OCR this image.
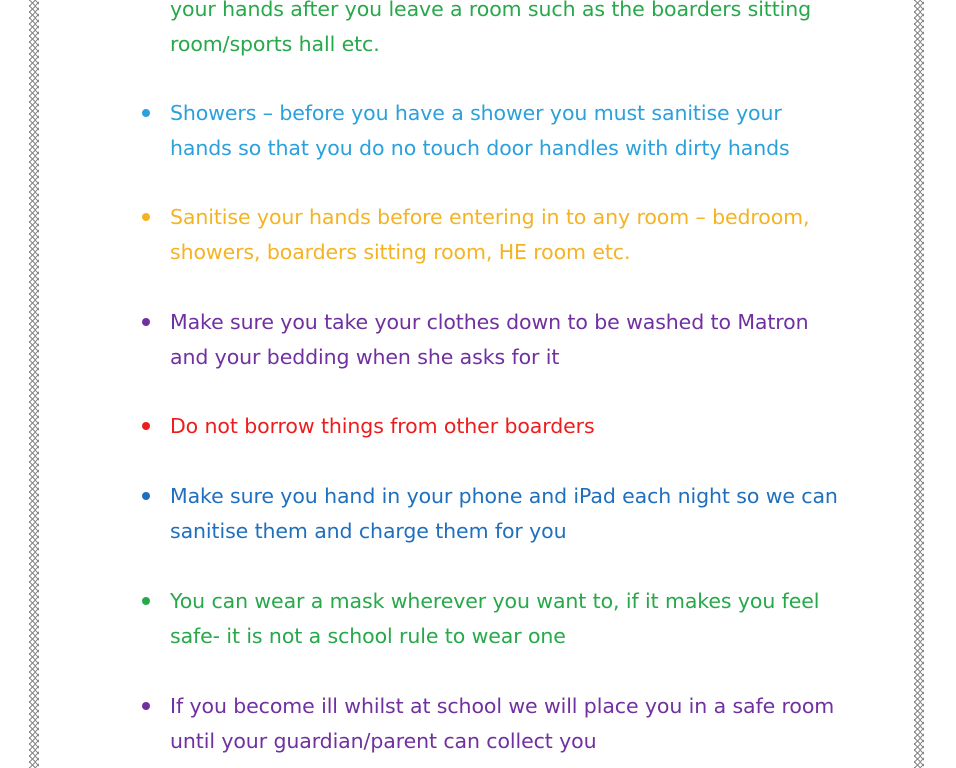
your hands after you leave a room such as the boarders sitting room/sports hall etc.
Showers – before you have a shower you must sanitise your hands so that you do no touch door handles with dirty hands
Sanitise your hands before entering in to any room – bedroom, showers, boarders sitting room, HE room etc.
Make sure you take your clothes down to be washed to Matron and your bedding when she asks for it
Do not borrow things from other boarders
Make sure you hand in your phone and iPad each night so we can sanitise them and charge them for you
You can wear a mask wherever you want to, if it makes you feel safe- it is not a school rule to wear one
If you become ill whilst at school we will place you in a safe room until your guardian/parent can collect you
